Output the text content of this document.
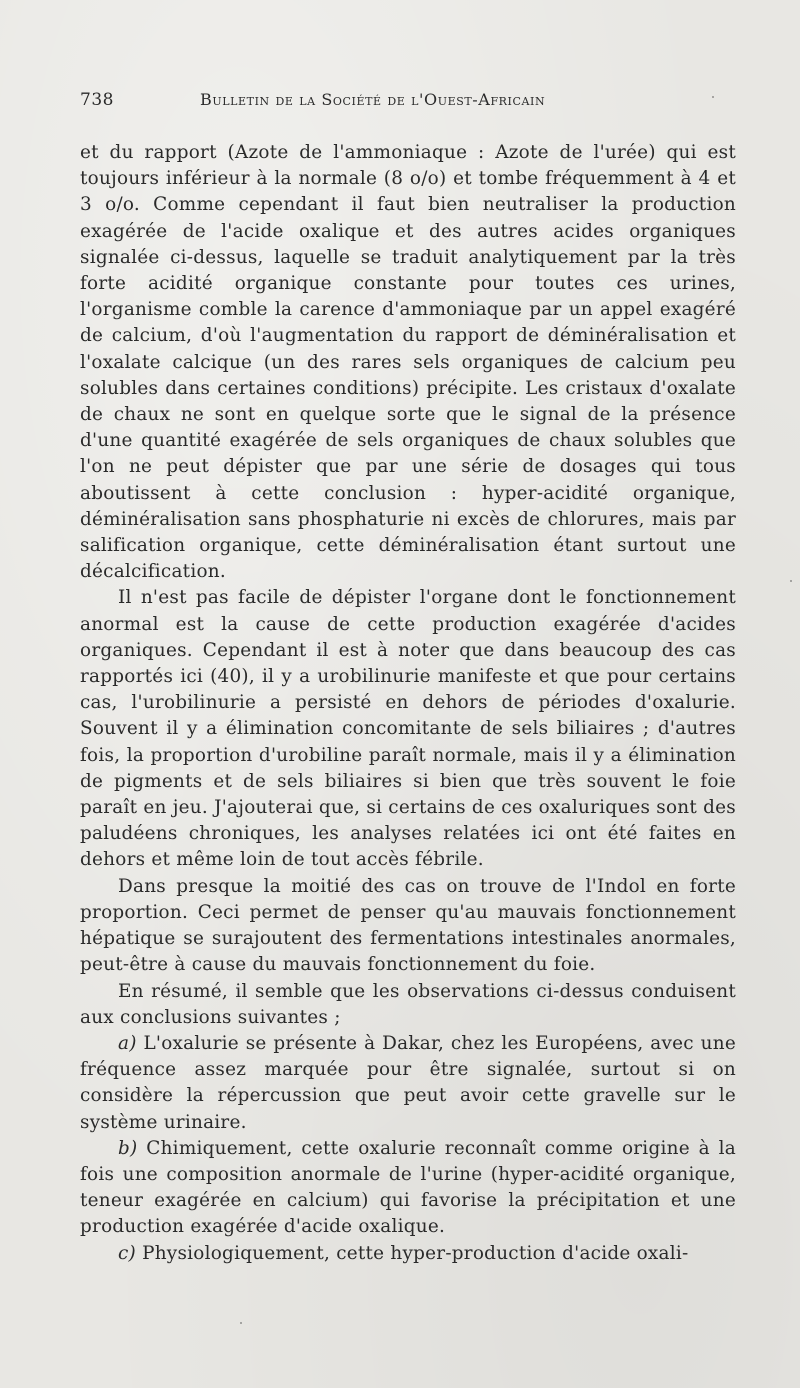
738	Bulletin de la Société de l'Ouest-Africain

et du rapport (Azote de l'ammoniaque : Azote de l'urée) qui est toujours inférieur à la normale (8 o/o) et tombe fréquemment à 4 et 3 o/o. Comme cependant il faut bien neutraliser la production exagérée de l'acide oxalique et des autres acides organiques signalée ci-dessus, laquelle se traduit analytiquement par la très forte acidité organique constante pour toutes ces urines, l'organisme comble la carence d'ammoniaque par un appel exagéré de calcium, d'où l'augmentation du rapport de déminéralisation et l'oxalate calcique (un des rares sels organiques de calcium peu solubles dans certaines conditions) précipite. Les cristaux d'oxalate de chaux ne sont en quelque sorte que le signal de la présence d'une quantité exagérée de sels organiques de chaux solubles que l'on ne peut dépister que par une série de dosages qui tous aboutissent à cette conclusion : hyper-acidité organique, déminéralisation sans phosphaturie ni excès de chlorures, mais par salification organique, cette déminéralisation étant surtout une décalcification.

Il n'est pas facile de dépister l'organe dont le fonctionnement anormal est la cause de cette production exagérée d'acides organiques. Cependant il est à noter que dans beaucoup des cas rapportés ici (40), il y a urobilinurie manifeste et que pour certains cas, l'urobilinurie a persisté en dehors de périodes d'oxalurie. Souvent il y a élimination concomitante de sels biliaires ; d'autres fois, la proportion d'urobiline paraît normale, mais il y a élimination de pigments et de sels biliaires si bien que très souvent le foie paraît en jeu. J'ajouterai que, si certains de ces oxaluriques sont des paludéens chroniques, les analyses relatées ici ont été faites en dehors et même loin de tout accès fébrile.

Dans presque la moitié des cas on trouve de l'Indol en forte proportion. Ceci permet de penser qu'au mauvais fonctionnement hépatique se surajoutent des fermentations intestinales anormales, peut-être à cause du mauvais fonctionnement du foie.

En résumé, il semble que les observations ci-dessus conduisent aux conclusions suivantes ;

a) L'oxalurie se présente à Dakar, chez les Européens, avec une fréquence assez marquée pour être signalée, surtout si on considère la répercussion que peut avoir cette gravelle sur le système urinaire.

b) Chimiquement, cette oxalurie reconnaît comme origine à la fois une composition anormale de l'urine (hyper-acidité organique, teneur exagérée en calcium) qui favorise la précipitation et une production exagérée d'acide oxalique.

c) Physiologiquement, cette hyper-production d'acide oxali-
